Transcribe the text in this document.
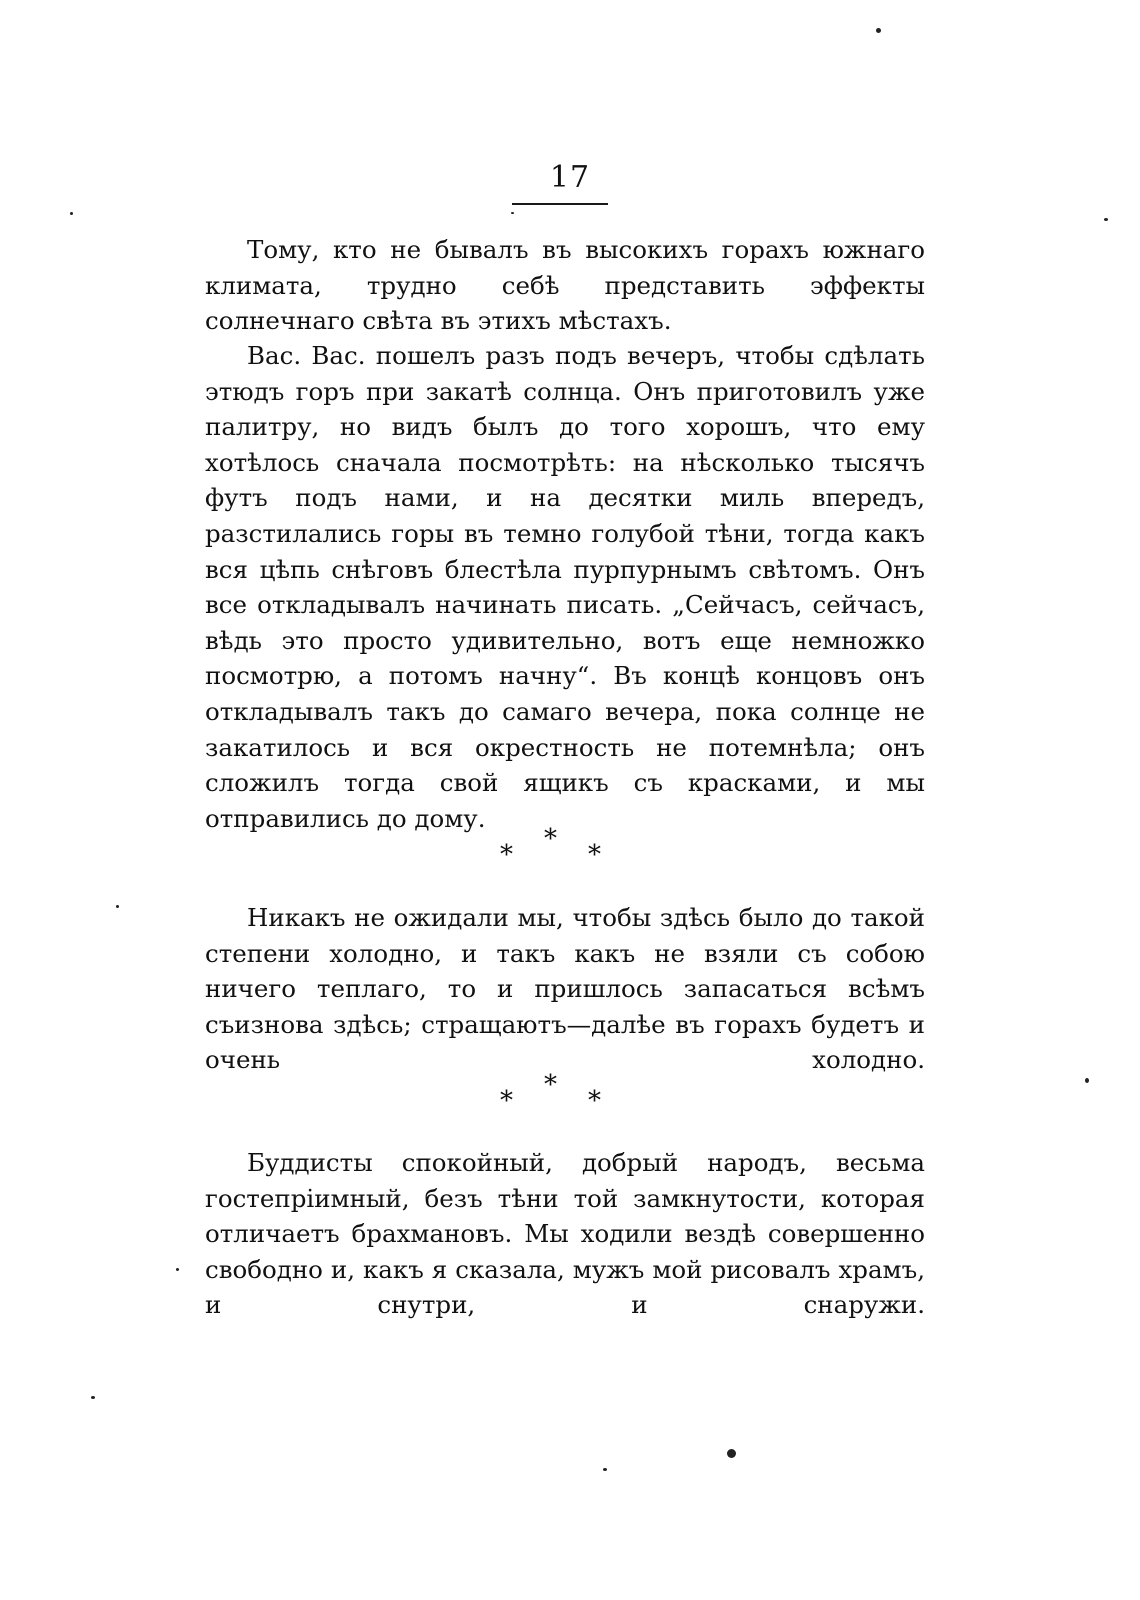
17

Тому, кто не бывалъ въ высокихъ горахъ южнаго климата, трудно себѣ представить эффекты солнечнаго свѣта въ этихъ мѣстахъ.

Вас. Вас. пошелъ разъ подъ вечеръ, чтобы сдѣлать этюдъ горъ при закатѣ солнца. Онъ приготовилъ уже палитру, но видъ былъ до того хорошъ, что ему хотѣлось сначала посмотрѣть: на нѣсколько тысячъ футъ подъ нами, и на десятки миль впередъ, разстилались горы въ темно голубой тѣни, тогда какъ вся цѣпь снѣговъ блестѣла пурпурнымъ свѣтомъ. Онъ все откладывалъ начинать писать. „Сейчасъ, сейчасъ, вѣдь это просто удивительно, вотъ еще немножко посмотрю, а потомъ начну“. Въ концѣ концовъ онъ откладывалъ такъ до самаго вечера, пока солнце не закатилось и вся окрестность не потемнѣла; онъ сложилъ тогда свой ящикъ съ красками, и мы отправились до дому.

*
*
*

Никакъ не ожидали мы, чтобы здѣсь было до такой степени холодно, и такъ какъ не взяли съ собою ничего теплаго, то и пришлось запасаться всѣмъ съизнова здѣсь; стращаютъ—далѣе въ горахъ будетъ и очень холодно.

*
*
*

Буддисты спокойный, добрый народъ, весьма гостепріимный, безъ тѣни той замкнутости, которая отличаетъ брахмановъ. Мы ходили вездѣ совершенно свободно и, какъ я сказала, мужъ мой рисовалъ храмъ, и снутри, и снаружи.
